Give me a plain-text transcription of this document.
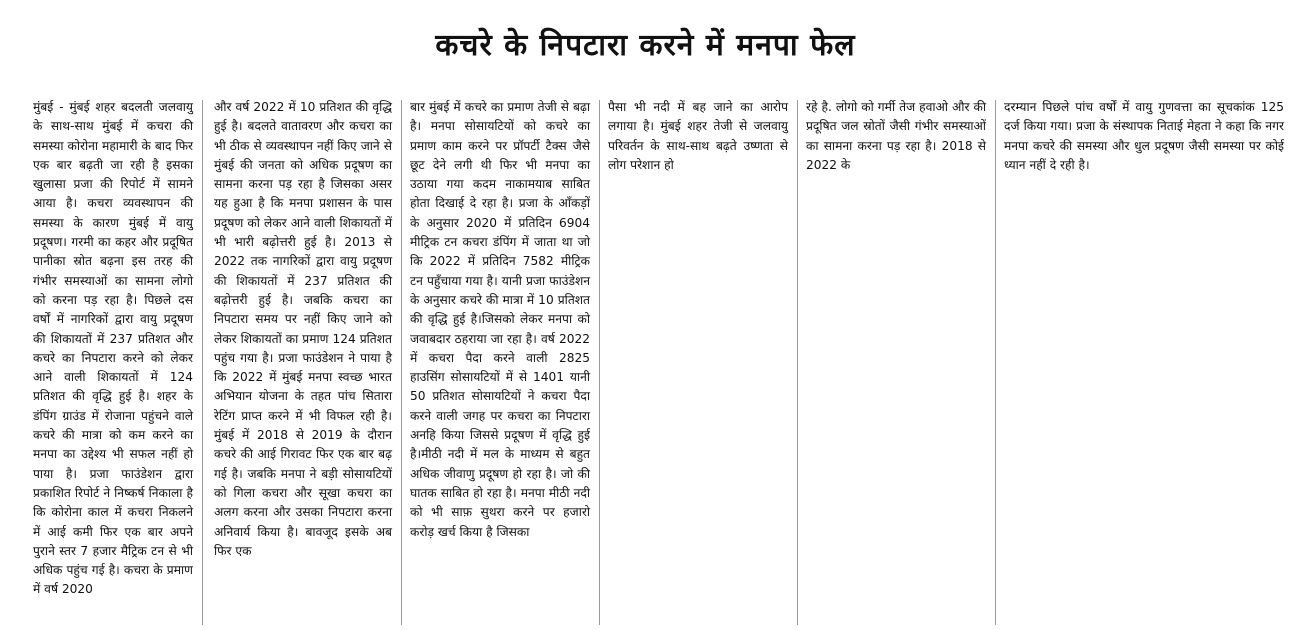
कचरे के निपटारा करने में मनपा फेल

मुंबई - मुंबई शहर बदलती जलवायु के साथ-साथ मुंबई में कचरा की समस्या कोरोना महामारी के बाद फिर एक बार बढ़ती जा रही है इसका खुलासा प्रजा की रिपोर्ट में सामने आया है। कचरा व्यवस्थापन की समस्या के कारण मुंबई में वायु प्रदूषण। गरमी का कहर और प्रदूषित पानीका स्रोत बढ़ना इस तरह की गंभीर समस्याओं का सामना लोगो को करना पड़ रहा है। पिछले दस वर्षों में नागरिकों द्वारा वायु प्रदूषण की शिकायतों में 237 प्रतिशत और कचरे का निपटारा करने को लेकर आने वाली शिकायतों में 124 प्रतिशत की वृद्धि हुई है। शहर के डंपिंग ग्राउंड में रोजाना पहुंचने वाले कचरे की मात्रा को कम करने का मनपा का उद्देश्य भी सफल नहीं हो पाया है। प्रजा फाउंडेशन द्वारा प्रकाशित रिपोर्ट ने निष्कर्ष निकाला है कि कोरोना काल में कचरा निकलने में आई कमी फिर एक बार अपने पुराने स्तर 7 हजार मैट्रिक टन से भी अधिक पहुंच गई है। कचरा के प्रमाण में वर्ष 2020

और वर्ष 2022 में 10 प्रतिशत की वृद्धि हुई है। बदलते वातावरण और कचरा का भी ठीक से व्यवस्थापन नहीं किए जाने से मुंबई की जनता को अधिक प्रदूषण का सामना करना पड़ रहा है जिसका असर यह हुआ है कि मनपा प्रशासन के पास प्रदूषण को लेकर आने वाली शिकायतों में भी भारी बढ़ोत्तरी हुई है। 2013 से 2022 तक नागरिकों द्वारा वायु प्रदूषण की शिकायतों में 237 प्रतिशत की बढ़ोत्तरी हुई है। जबकि कचरा का निपटारा समय पर नहीं किए जाने को लेकर शिकायतों का प्रमाण 124 प्रतिशत पहुंच गया है। प्रजा फाउंडेशन ने पाया है कि 2022 में मुंबई मनपा स्वच्छ भारत अभियान योजना के तहत पांच सितारा रेटिंग प्राप्त करने में भी विफल रही है। मुंबई में 2018 से 2019 के दौरान कचरे की आई गिरावट फिर एक बार बढ़ गई है। जबकि मनपा ने बड़ी सोसायटियों को गिला कचरा और सूखा कचरा का अलग करना और उसका निपटारा करना अनिवार्य किया है। बावजूद इसके अब फिर एक

बार मुंबई में कचरे का प्रमाण तेजी से बढ़ा है। मनपा सोसायटियों को कचरे का प्रमाण काम करने पर प्रॉपर्टी टैक्स जैसे छूट देने लगी थी फिर भी मनपा का उठाया गया कदम नाकामयाब साबित होता दिखाई दे रहा है। प्रजा के आँकड़ों के अनुसार 2020 में प्रतिदिन 6904 मीट्रिक टन कचरा डंपिंग में जाता था जो कि 2022 में प्रतिदिन 7582 मीट्रिक टन पहुँचाया गया है। यानी प्रजा फाउंडेशन के अनुसार कचरे की मात्रा में 10 प्रतिशत की वृद्धि हुई है।जिसको लेकर मनपा को जवाबदार ठहराया जा रहा है। वर्ष 2022 में कचरा पैदा करने वाली 2825 हाउसिंग सोसायटियों में से 1401 यानी 50 प्रतिशत सोसायटियों ने कचरा पैदा करने वाली जगह पर कचरा का निपटारा अनहि किया जिससे प्रदूषण में वृद्धि हुई है।मीठी नदी में मल के माध्यम से बहुत अधिक जीवाणु प्रदूषण हो रहा है। जो की घातक साबित हो रहा है। मनपा मीठी नदी को भी साफ़ सुथरा करने पर हजारो करोड़ खर्च किया है जिसका

पैसा भी नदी में बह जाने का आरोप लगाया है। मुंबई शहर तेजी से जलवायु परिवर्तन के साथ-साथ बढ़ते उष्णता से लोग परेशान हो

रहे है. लोगो को गर्मी तेज हवाओ और की प्रदूषित जल स्रोतों जैसी गंभीर समस्याओं का सामना करना पड़ रहा है। 2018 से 2022 के

दरम्यान पिछले पांच वर्षों में वायु गुणवत्ता का सूचकांक 125 दर्ज किया गया। प्रजा के संस्थापक निताई मेहता ने कहा कि नगर मनपा कचरे की समस्या और धुल प्रदूषण जैसी समस्या पर कोई ध्यान नहीं दे रही है।
